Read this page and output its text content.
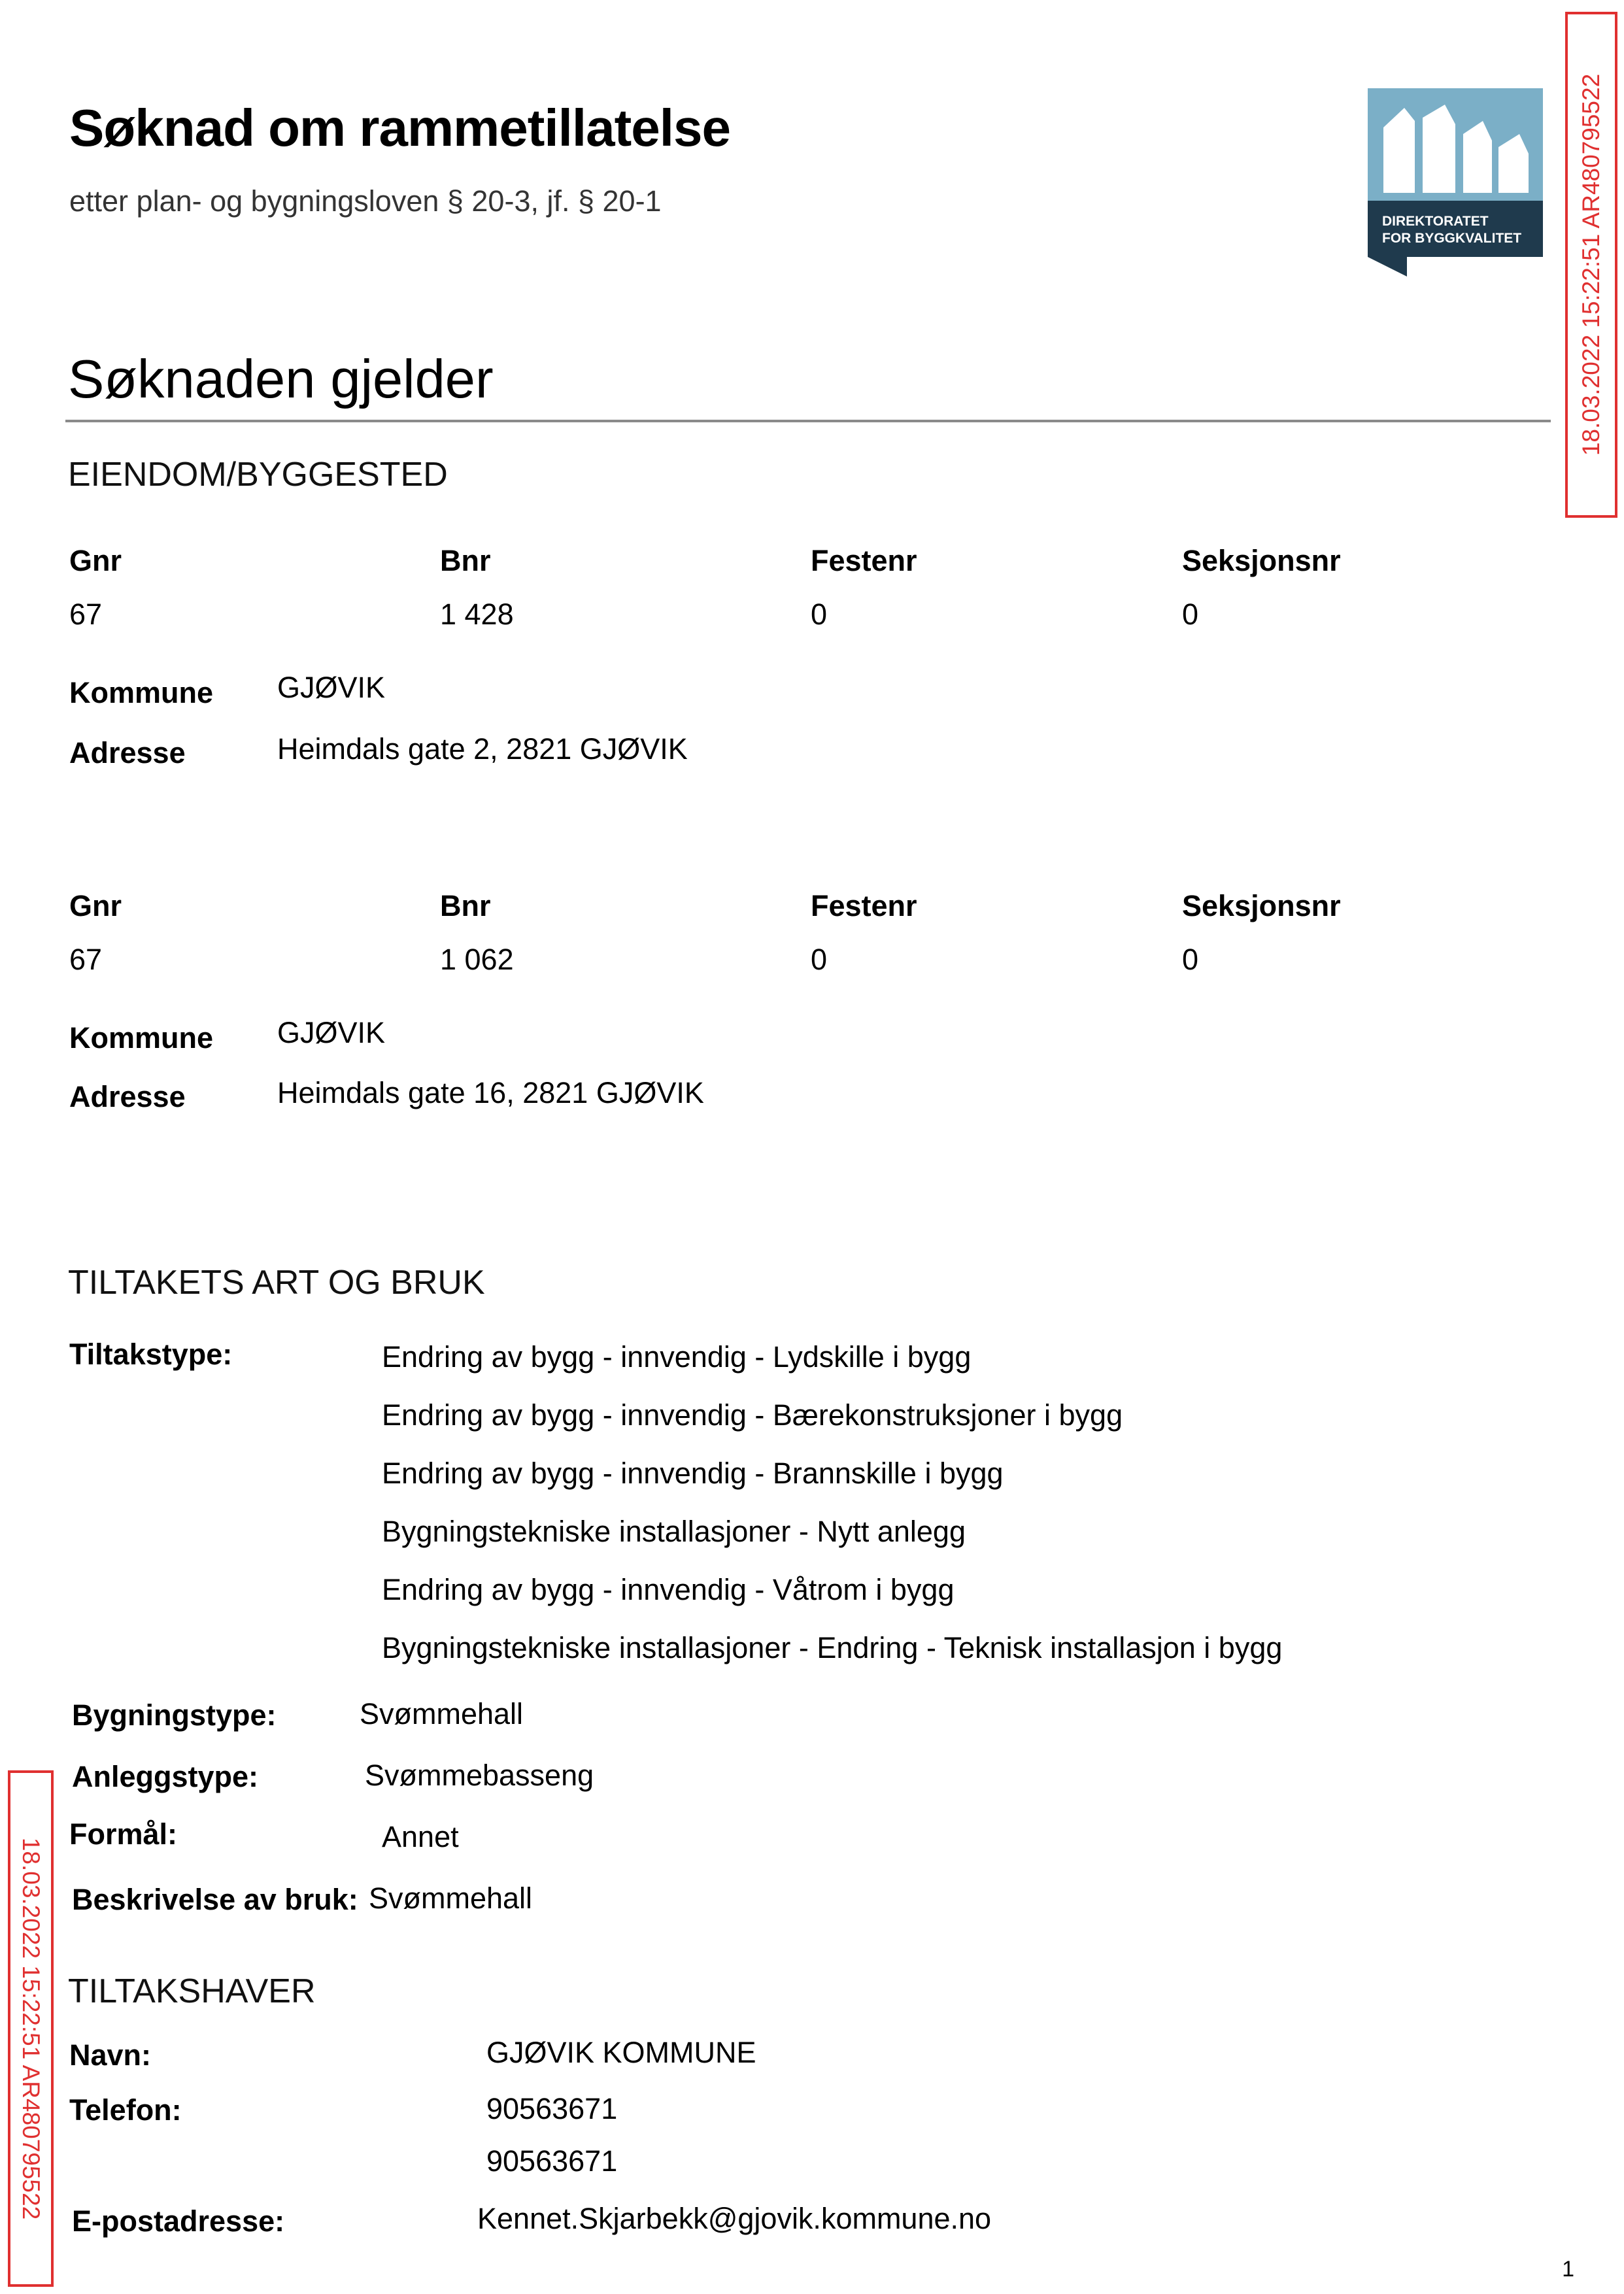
Søknad om rammetillatelse
etter plan- og bygningsloven § 20-3, jf. § 20-1
DIREKTORATET
FOR BYGGKVALITET 18.03.2022 15:22:51 AR480795522
18.03.2022 15:22:51 AR480795522
Søknaden gjelder
EIENDOM/BYGGESTED
Gnr	Bnr	Festenr	Seksjonsnr
67	1 428	0	0
Kommune GJØVIK
Adresse	Heimdals gate 2, 2821 GJØVIK
Gnr	Bnr	Festenr	Seksjonsnr
67	1 062	0	0
Kommune GJØVIK
Adresse	Heimdals gate 16, 2821 GJØVIK
TILTAKETS ART OG BRUK
Tiltakstype:	Endring av bygg - innvendig - Lydskille i bygg
Endring av bygg - innvendig - Bærekonstruksjoner i bygg
Endring av bygg - innvendig - Brannskille i bygg
Bygningstekniske installasjoner - Nytt anlegg
Endring av bygg - innvendig - Våtrom i bygg
Bygningstekniske installasjoner - Endring - Teknisk installasjon i bygg
Bygningstype:	Svømmehall
Anleggstype:	Svømmebasseng
Formål:	Annet
Beskrivelse av bruk: Svømmehall
TILTAKSHAVER
Navn:	GJØVIK KOMMUNE
Telefon:	90563671
90563671
E-postadresse:	Kennet.Skjarbekk@gjovik.kommune.no
1
